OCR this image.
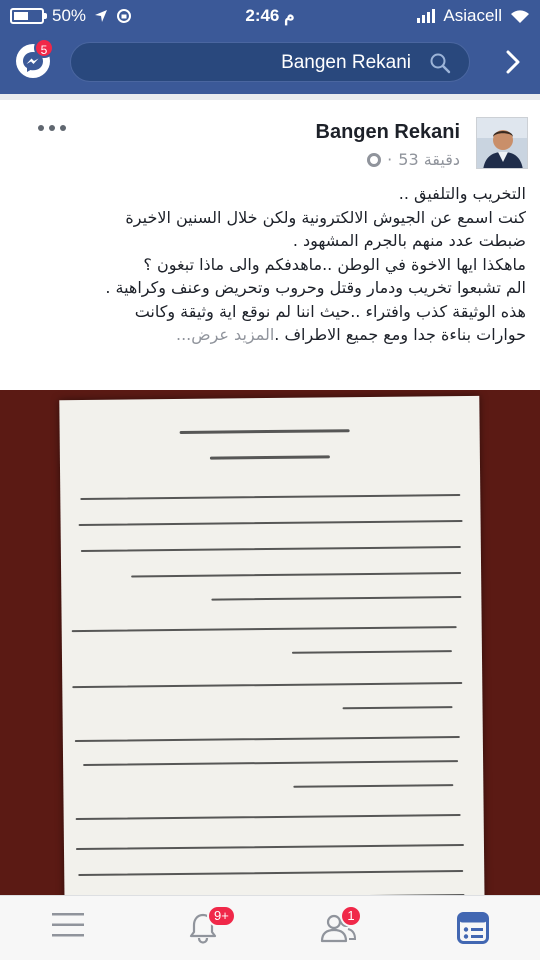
50%	2:46 م	Asiacell
5
Bangen Rekani
Bangen Rekani
· 53 دقيقة

التخريب والتلفيق ..

كنت اسمع عن الجيوش الالكترونية ولكن خلال السنين الاخيرة

ضبطت عدد منهم بالجرم المشهود .

ماهكذا ايها الاخوة في الوطن ..ماهدفكم والى ماذا تبغون ؟

الم تشبعوا تخريب ودمار وقتل وحروب وتحريض وعنف وكراهية .

هذه الوثيقة كذب وافتراء ..حيث اننا لم نوقع اية وثيقة وكانت

حوارات بناءة جدا ومع جميع الاطراف .المزيد عرض...

9+	1
